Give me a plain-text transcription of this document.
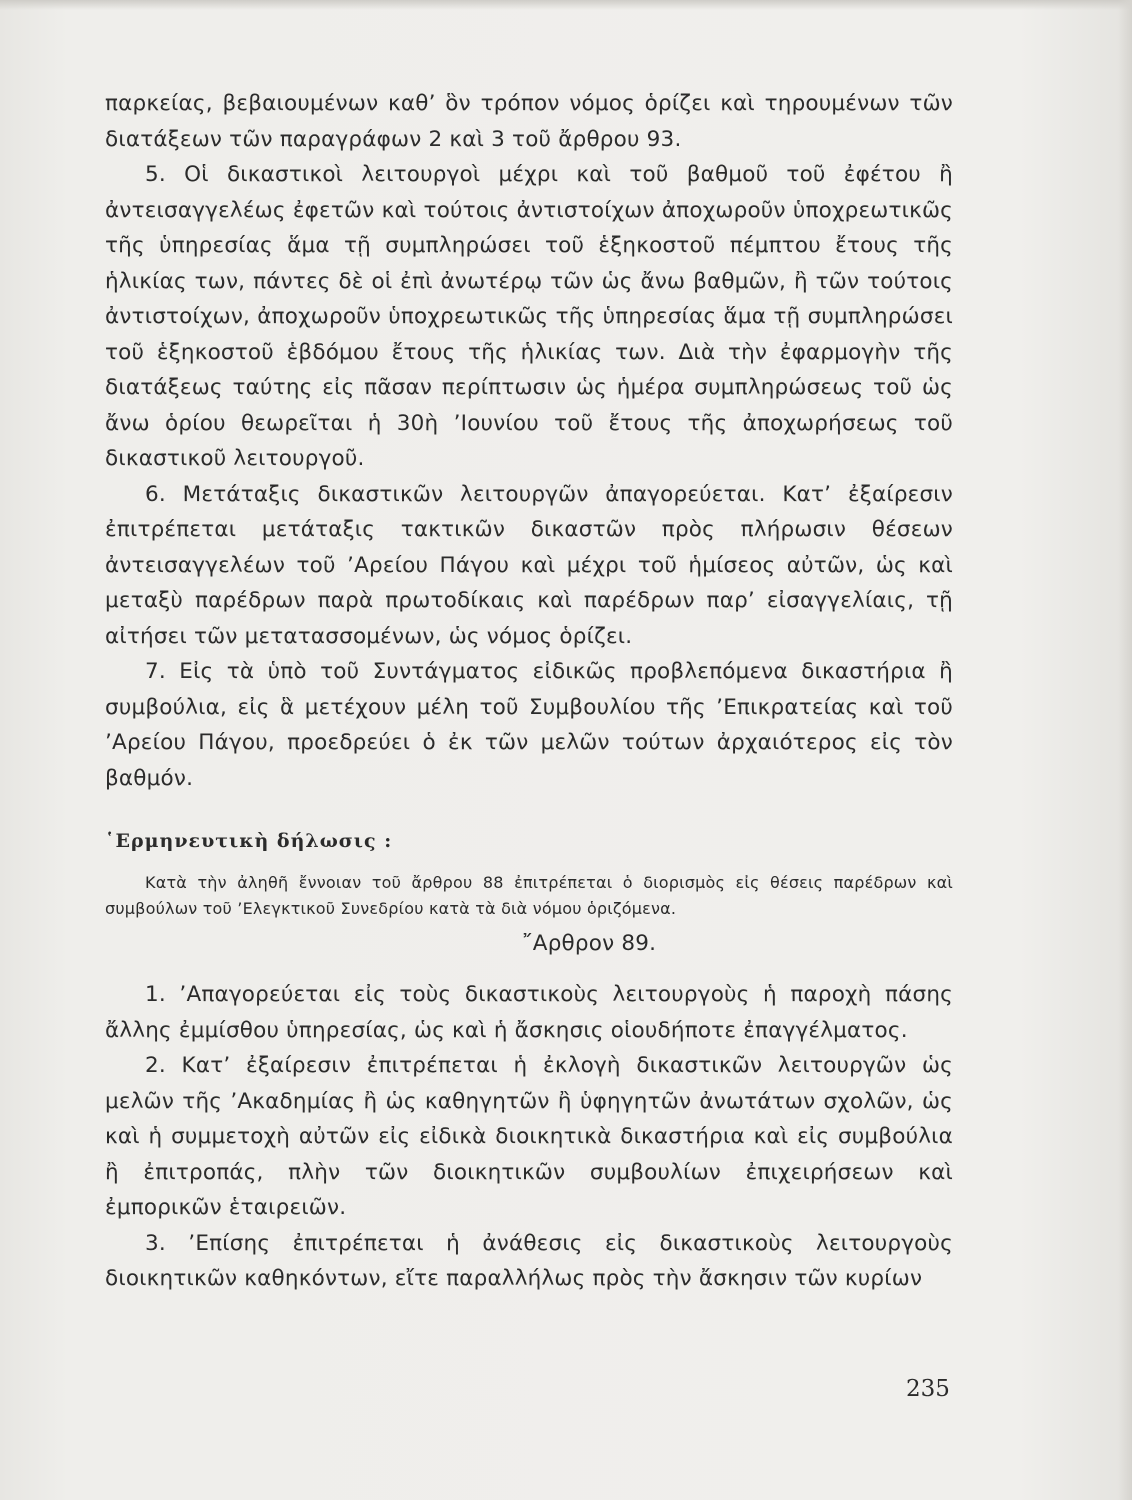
παρκείας, βεβαιουμένων καθ’ ὃν τρόπον νόμος ὁρίζει καὶ τηρουμένων τῶν διατάξεων τῶν παραγράφων 2 καὶ 3 τοῦ ἄρθρου 93.

5. Οἱ δικαστικοὶ λειτουργοὶ μέχρι καὶ τοῦ βαθμοῦ τοῦ ἐφέτου ἢ ἀντεισαγγελέως ἐφετῶν καὶ τούτοις ἀντιστοίχων ἀποχωροῦν ὑποχρεωτικῶς τῆς ὑπηρεσίας ἅμα τῇ συμπληρώσει τοῦ ἑξηκοστοῦ πέμπτου ἔτους τῆς ἡλικίας των, πάντες δὲ οἱ ἐπὶ ἀνωτέρῳ τῶν ὡς ἄνω βαθμῶν, ἢ τῶν τούτοις ἀντιστοίχων, ἀποχωροῦν ὑποχρεωτικῶς τῆς ὑπηρεσίας ἅμα τῇ συμπληρώσει τοῦ ἑξηκοστοῦ ἑβδόμου ἔτους τῆς ἡλικίας των. Διὰ τὴν ἐφαρμογὴν τῆς διατάξεως ταύτης εἰς πᾶσαν περίπτωσιν ὡς ἡμέρα συμπληρώσεως τοῦ ὡς ἄνω ὁρίου θεωρεῖται ἡ 30ὴ ’Ιουνίου τοῦ ἔτους τῆς ἀποχωρήσεως τοῦ δικαστικοῦ λειτουργοῦ.

6. Μετάταξις δικαστικῶν λειτουργῶν ἀπαγορεύεται. Κατ’ ἐξαίρεσιν ἐπιτρέπεται μετάταξις τακτικῶν δικαστῶν πρὸς πλήρωσιν θέσεων ἀντεισαγγελέων τοῦ ’Αρείου Πάγου καὶ μέχρι τοῦ ἡμίσεος αὐτῶν, ὡς καὶ μεταξὺ παρέδρων παρὰ πρωτοδίκαις καὶ παρέδρων παρ’ εἰσαγγελίαις, τῇ αἰτήσει τῶν μετατασσομένων, ὡς νόμος ὁρίζει.

7. Εἰς τὰ ὑπὸ τοῦ Συντάγματος εἰδικῶς προβλεπόμενα δικαστήρια ἢ συμβούλια, εἰς ἃ μετέχουν μέλη τοῦ Συμβουλίου τῆς ’Επικρατείας καὶ τοῦ ’Αρείου Πάγου, προεδρεύει ὁ ἐκ τῶν μελῶν τούτων ἀρχαιότερος εἰς τὸν βαθμόν.

῾Ερμηνευτικὴ δήλωσις :

Κατὰ τὴν ἀληθῆ ἔννοιαν τοῦ ἄρθρου 88 ἐπιτρέπεται ὁ διορισμὸς εἰς θέσεις παρέδρων καὶ συμβούλων τοῦ ’Ελεγκτικοῦ Συνεδρίου κατὰ τὰ διὰ νόμου ὁριζόμενα.

῎Αρθρον 89.

1. ’Απαγορεύεται εἰς τοὺς δικαστικοὺς λειτουργοὺς ἡ παροχὴ πάσης ἄλλης ἐμμίσθου ὑπηρεσίας, ὡς καὶ ἡ ἄσκησις οἱουδήποτε ἐπαγγέλματος.

2. Κατ’ ἐξαίρεσιν ἐπιτρέπεται ἡ ἐκλογὴ δικαστικῶν λειτουργῶν ὡς μελῶν τῆς ’Ακαδημίας ἢ ὡς καθηγητῶν ἢ ὑφηγητῶν ἀνωτάτων σχολῶν, ὡς καὶ ἡ συμμετοχὴ αὐτῶν εἰς εἰδικὰ διοικητικὰ δικαστήρια καὶ εἰς συμβούλια ἢ ἐπιτροπάς, πλὴν τῶν διοικητικῶν συμβουλίων ἐπιχειρήσεων καὶ ἐμπορικῶν ἑταιρειῶν.

3. ’Επίσης ἐπιτρέπεται ἡ ἀνάθεσις εἰς δικαστικοὺς λειτουργοὺς διοικητικῶν καθηκόντων, εἴτε παραλλήλως πρὸς τὴν ἄσκησιν τῶν κυρίων

235
